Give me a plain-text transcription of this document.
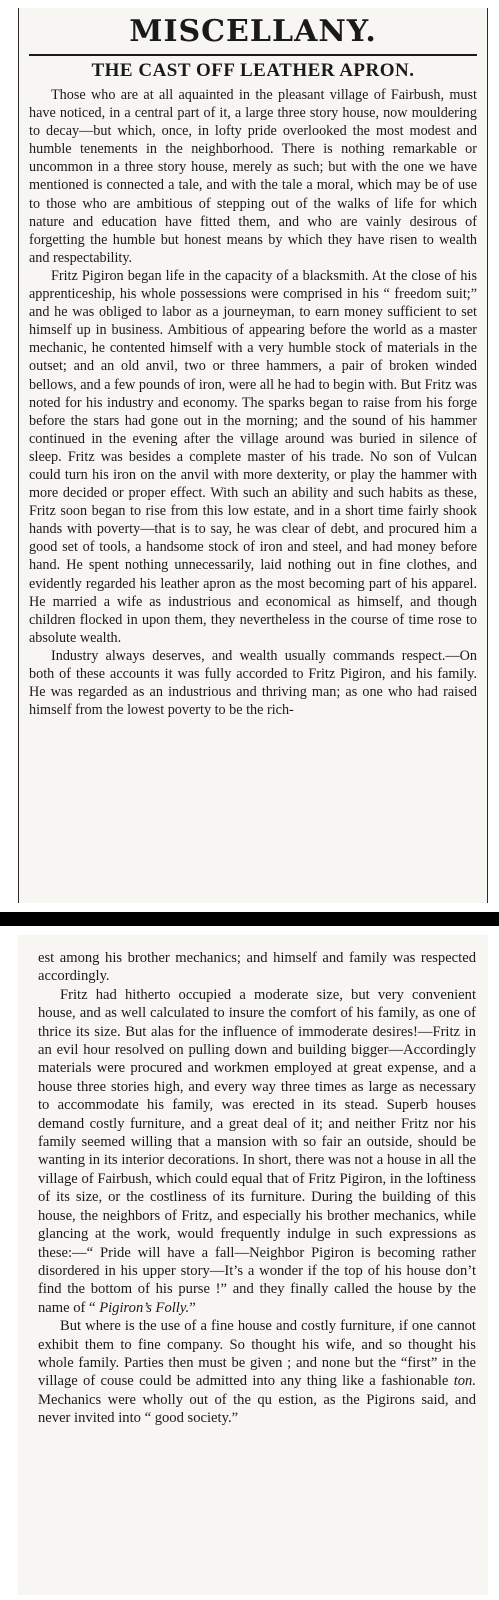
MISCELLANY.
THE CAST OFF LEATHER APRON.

Those who are at all aquainted in the pleasant village of Fairbush, must have noticed, in a central part of it, a large three story house, now mouldering to decay—but which, once, in lofty pride overlooked the most modest and humble tenements in the neighborhood. There is nothing remarkable or uncommon in a three story house, merely as such; but with the one we have mentioned is connected a tale, and with the tale a moral, which may be of use to those who are ambitious of stepping out of the walks of life for which nature and education have fitted them, and who are vainly desirous of forgetting the humble but honest means by which they have risen to wealth and respectability.

Fritz Pigiron began life in the capacity of a blacksmith. At the close of his apprenticeship, his whole possessions were comprised in his “ freedom suit;” and he was obliged to labor as a journeyman, to earn money sufficient to set himself up in business. Ambitious of appearing before the world as a master mechanic, he contented himself with a very humble stock of materials in the outset; and an old anvil, two or three hammers, a pair of broken winded bellows, and a few pounds of iron, were all he had to begin with. But Fritz was noted for his industry and economy. The sparks began to raise from his forge before the stars had gone out in the morning; and the sound of his hammer continued in the evening after the village around was buried in silence of sleep. Fritz was besides a complete master of his trade. No son of Vulcan could turn his iron on the anvil with more dexterity, or play the hammer with more decided or proper effect. With such an ability and such habits as these, Fritz soon began to rise from this low estate, and in a short time fairly shook hands with poverty—that is to say, he was clear of debt, and procured him a good set of tools, a handsome stock of iron and steel, and had money before hand. He spent nothing unnecessarily, laid nothing out in fine clothes, and evidently regarded his leather apron as the most becoming part of his apparel. He married a wife as industrious and economical as himself, and though children flocked in upon them, they nevertheless in the course of time rose to absolute wealth.

Industry always deserves, and wealth usually commands respect.—On both of these accounts it was fully accorded to Fritz Pigiron, and his family. He was regarded as an industrious and thriving man; as one who had raised himself from the lowest poverty to be the rich-

est among his brother mechanics; and himself and family was respected accordingly.

Fritz had hitherto occupied a moderate size, but very convenient house, and as well calculated to insure the comfort of his family, as one of thrice its size. But alas for the influence of immoderate desires!—Fritz in an evil hour resolved on pulling down and building bigger—Accordingly materials were procured and workmen employed at great expense, and a house three stories high, and every way three times as large as necessary to accommodate his family, was erected in its stead. Superb houses demand costly furniture, and a great deal of it; and neither Fritz nor his family seemed willing that a mansion with so fair an outside, should be wanting in its interior decorations. In short, there was not a house in all the village of Fairbush, which could equal that of Fritz Pigiron, in the loftiness of its size, or the costliness of its furniture. During the building of this house, the neighbors of Fritz, and especially his brother mechanics, while glancing at the work, would frequently indulge in such expressions as these:—“ Pride will have a fall—Neighbor Pigiron is becoming rather disordered in his upper story—It’s a wonder if the top of his house don’t find the bottom of his purse !” and they finally called the house by the name of “ Pigiron’s Folly.”

But where is the use of a fine house and costly furniture, if one cannot exhibit them to fine company. So thought his wife, and so thought his whole family. Parties then must be given ; and none but the “first” in the village of couse could be admitted into any thing like a fashionable ton. Mechanics were wholly out of the qu estion, as the Pigirons said, and never invited into “ good society.”
